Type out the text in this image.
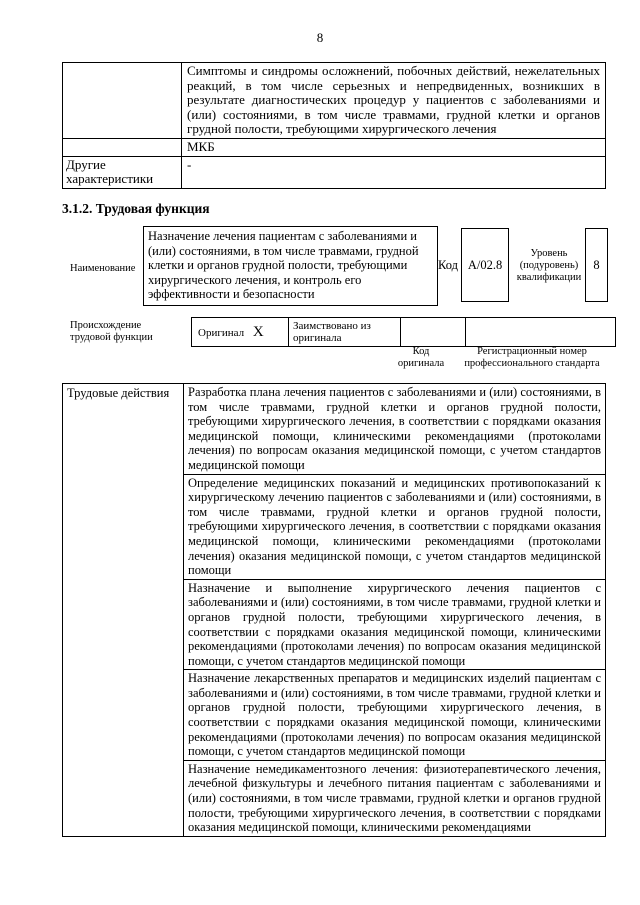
8
	Симптомы и синдромы осложнений, побочных действий, нежелательных реакций, в том числе серьезных и непредвиденных, возникших в результате диагностических процедур у пациентов с заболеваниями и (или) состояниями, в том числе травмами, грудной клетки и органов грудной полости, требующими хирургического лечения
	МКБ
Другие характеристики	-
3.1.2. Трудовая функция
Наименование
Назначение лечения пациентам с заболеваниями и (или) состояниями, в том числе травмами, грудной клетки и органов грудной полости, требующими хирургического лечения, и контроль его эффективности и безопасности
Код А/02.8
Уровень (подуровень) квалификации
8
Происхождение трудовой функции	Оригинал X	Заимствовано из оригинала		
Код оригинала
Регистрационный номер профессионального стандарта
Трудовые действия	Разработка плана лечения пациентов с заболеваниями и (или) состояниями, в том числе травмами, грудной клетки и органов грудной полости, требующими хирургического лечения, в соответствии с порядками оказания медицинской помощи, клиническими рекомендациями (протоколами лечения) по вопросам оказания медицинской помощи, с учетом стандартов медицинской помощи
Определение медицинских показаний и медицинских противопоказаний к хирургическому лечению пациентов с заболеваниями и (или) состояниями, в том числе травмами, грудной клетки и органов грудной полости, требующими хирургического лечения, в соответствии с порядками оказания медицинской помощи, клиническими рекомендациями (протоколами лечения) оказания медицинской помощи, с учетом стандартов медицинской помощи
Назначение и выполнение хирургического лечения пациентов с заболеваниями и (или) состояниями, в том числе травмами, грудной клетки и органов грудной полости, требующими хирургического лечения, в соответствии с порядками оказания медицинской помощи, клиническими рекомендациями (протоколами лечения) по вопросам оказания медицинской помощи, с учетом стандартов медицинской помощи
Назначение лекарственных препаратов и медицинских изделий пациентам с заболеваниями и (или) состояниями, в том числе травмами, грудной клетки и органов грудной полости, требующими хирургического лечения, в соответствии с порядками оказания медицинской помощи, клиническими рекомендациями (протоколами лечения) по вопросам оказания медицинской помощи, с учетом стандартов медицинской помощи
Назначение немедикаментозного лечения: физиотерапевтического лечения, лечебной физкультуры и лечебного питания пациентам с заболеваниями и (или) состояниями, в том числе травмами, грудной клетки и органов грудной полости, требующими хирургического лечения, в соответствии с порядками оказания медицинской помощи, клиническими рекомендациями
